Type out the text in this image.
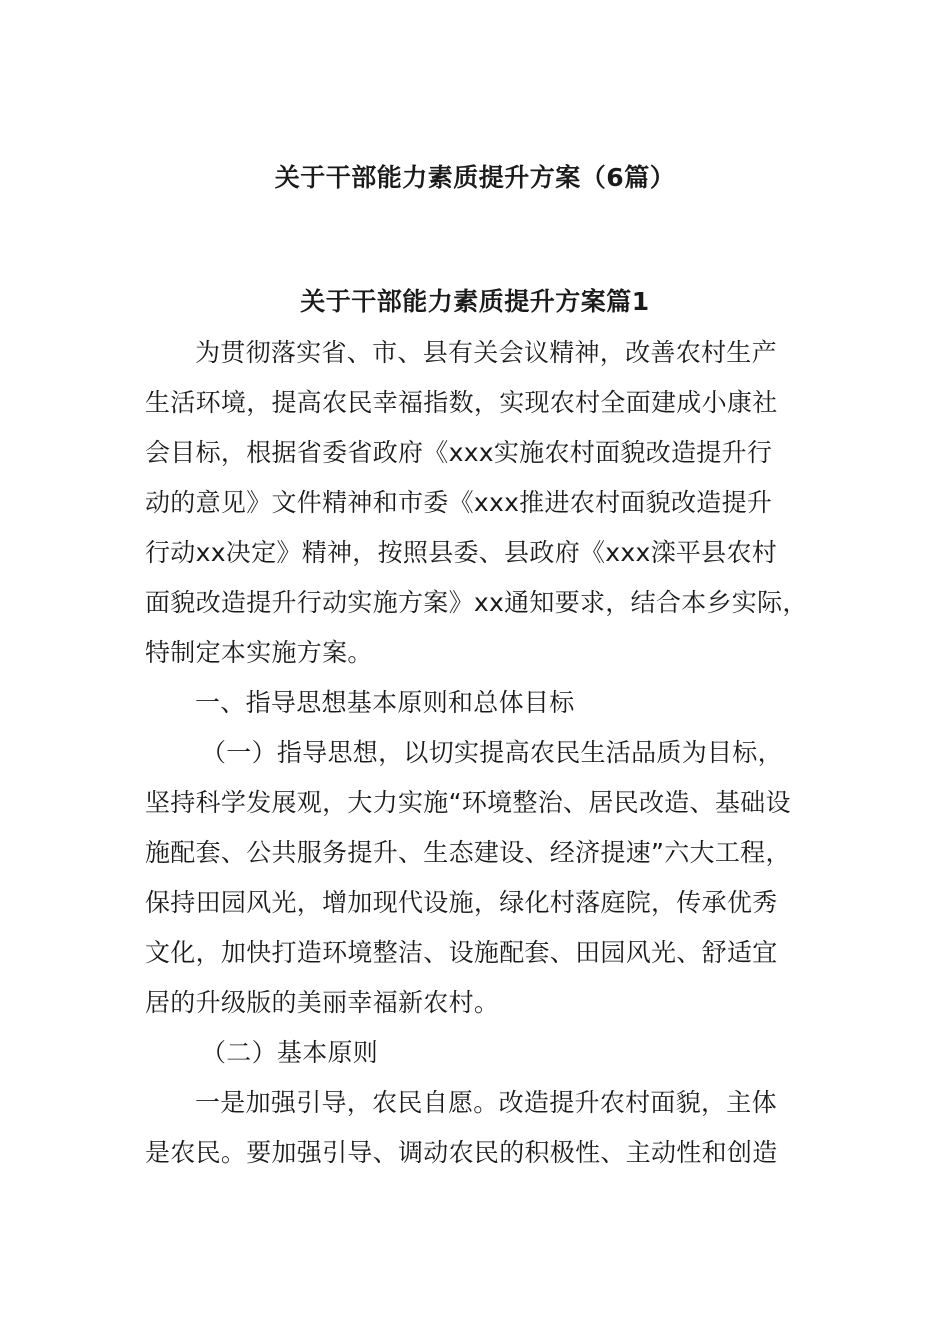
关于干部能力素质提升方案（6篇）
关于干部能力素质提升方案篇1
为贯彻落实省、市、县有关会议精神，改善农村生产
生活环境，提高农民幸福指数，实现农村全面建成小康社
会目标，根据省委省政府《xxx实施农村面貌改造提升行
动的意见》文件精神和市委《xxx推进农村面貌改造提升
行动xx决定》精神，按照县委、县政府《xxx滦平县农村
面貌改造提升行动实施方案》xx通知要求，结合本乡实际，
特制定本实施方案。
一、指导思想基本原则和总体目标
（一）指导思想，以切实提高农民生活品质为目标，
坚持科学发展观，大力实施“环境整治、居民改造、基础设
施配套、公共服务提升、生态建设、经济提速”六大工程，
保持田园风光，增加现代设施，绿化村落庭院，传承优秀
文化，加快打造环境整洁、设施配套、田园风光、舒适宜
居的升级版的美丽幸福新农村。
（二）基本原则
一是加强引导，农民自愿。改造提升农村面貌，主体
是农民。要加强引导、调动农民的积极性、主动性和创造
